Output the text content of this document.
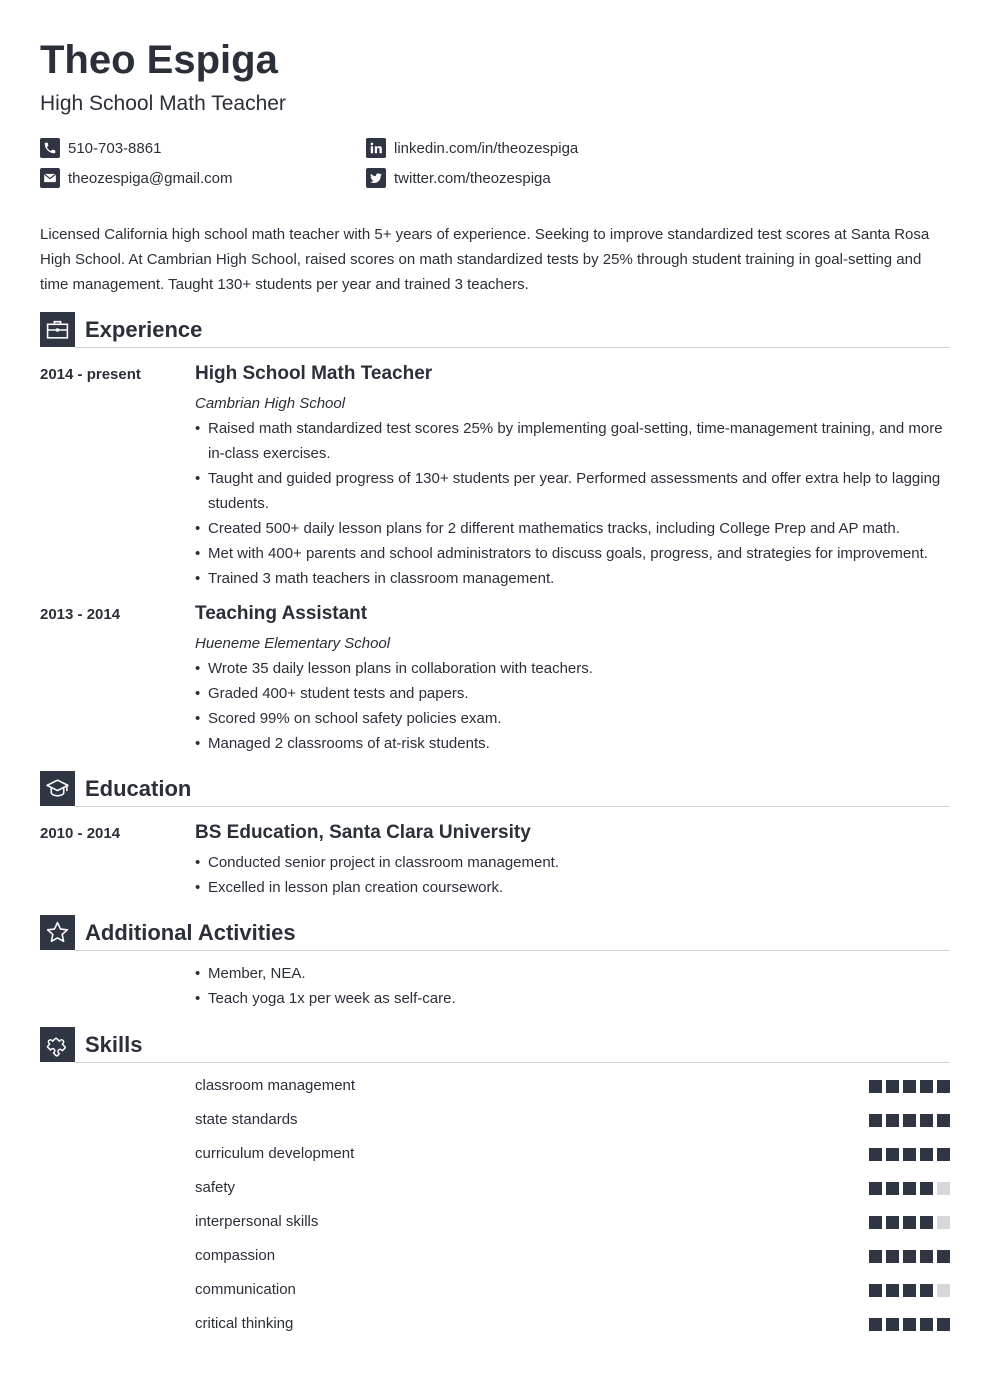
Theo Espiga
High School Math Teacher
510-703-8861	linkedin.com/in/theozespiga
theozespiga@gmail.com	twitter.com/theozespiga

Licensed California high school math teacher with 5+ years of experience. Seeking to improve standardized test scores at Santa Rosa High School. At Cambrian High School, raised scores on math standardized tests by 25% through student training in goal-setting and time management. Taught 130+ students per year and trained 3 teachers.

Experience
2014 - present	High School Math Teacher
Cambrian High School
• Raised math standardized test scores 25% by implementing goal-setting, time-management training, and more in-class exercises.
• Taught and guided progress of 130+ students per year. Performed assessments and offer extra help to lagging students.
• Created 500+ daily lesson plans for 2 different mathematics tracks, including College Prep and AP math.
• Met with 400+ parents and school administrators to discuss goals, progress, and strategies for improvement.
• Trained 3 math teachers in classroom management.
2013 - 2014	Teaching Assistant
Hueneme Elementary School
• Wrote 35 daily lesson plans in collaboration with teachers.
• Graded 400+ student tests and papers.
• Scored 99% on school safety policies exam.
• Managed 2 classrooms of at-risk students.
Education
2010 - 2014	BS Education, Santa Clara University
• Conducted senior project in classroom management.
• Excelled in lesson plan creation coursework.
Additional Activities
• Member, NEA.
• Teach yoga 1x per week as self-care.
Skills
classroom management
state standards
curriculum development
safety
interpersonal skills
compassion
communication
critical thinking
